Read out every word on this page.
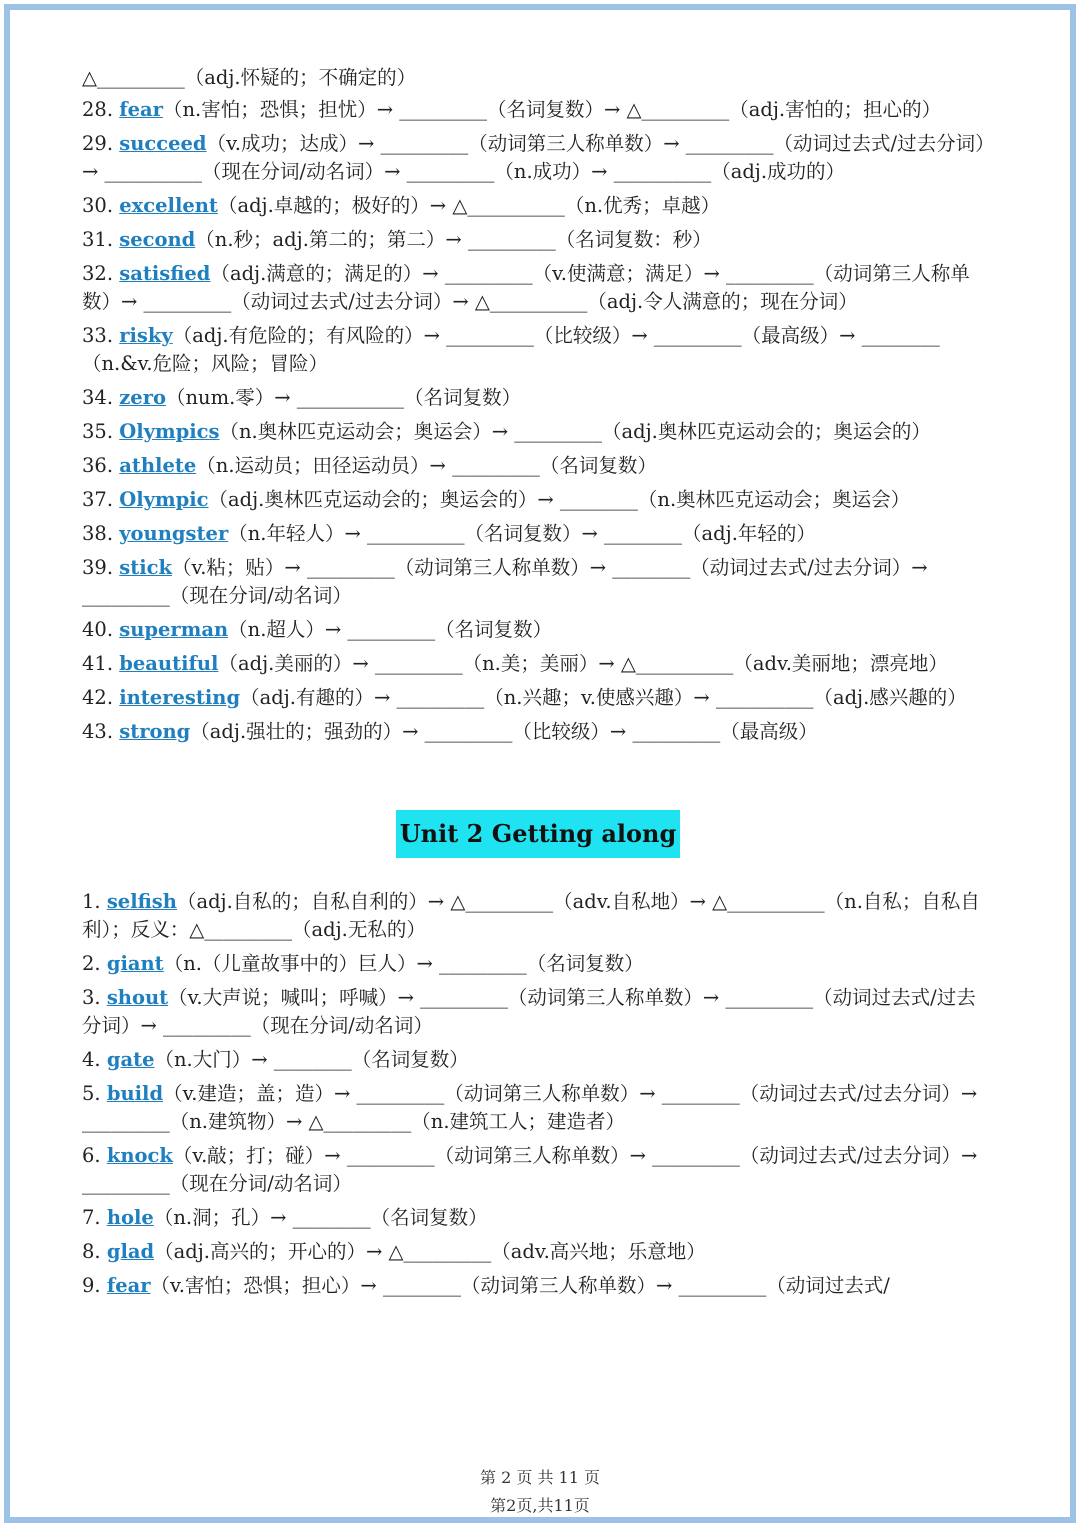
△_________（adj.怀疑的；不确定的）
28. fear（n.害怕；恐惧；担忧）→ _________（名词复数）→ △_________（adj.害怕的；担心的）
29. succeed（v.成功；达成）→ _________（动词第三人称单数）→ _________（动词过去式/过去分词）→ __________（现在分词/动名词）→ _________（n.成功）→ __________（adj.成功的）
30. excellent（adj.卓越的；极好的）→ △__________（n.优秀；卓越）
31. second（n.秒；adj.第二的；第二）→ _________（名词复数：秒）
32. satisfied（adj.满意的；满足的）→ _________（v.使满意；满足）→ _________（动词第三人称单数）→ _________（动词过去式/过去分词）→ △__________（adj.令人满意的；现在分词）
33. risky（adj.有危险的；有风险的）→ _________（比较级）→ _________（最高级）→ ________（n.&v.危险；风险；冒险）
34. zero（num.零）→ ___________（名词复数）
35. Olympics（n.奥林匹克运动会；奥运会）→ _________（adj.奥林匹克运动会的；奥运会的）
36. athlete（n.运动员；田径运动员）→ _________（名词复数）
37. Olympic（adj.奥林匹克运动会的；奥运会的）→ ________（n.奥林匹克运动会；奥运会）
38. youngster（n.年轻人）→ __________（名词复数）→ ________（adj.年轻的）
39. stick（v.粘；贴）→ _________（动词第三人称单数）→ ________（动词过去式/过去分词）→ _________（现在分词/动名词）
40. superman（n.超人）→ _________（名词复数）
41. beautiful（adj.美丽的）→ _________（n.美；美丽）→ △__________（adv.美丽地；漂亮地）
42. interesting（adj.有趣的）→ _________（n.兴趣；v.使感兴趣）→ __________（adj.感兴趣的）
43. strong（adj.强壮的；强劲的）→ _________（比较级）→ _________（最高级）
Unit 2 Getting along
1. selfish（adj.自私的；自私自利的）→ △_________（adv.自私地）→ △__________（n.自私；自私自利）；反义：△_________（adj.无私的）
2. giant（n.（儿童故事中的）巨人）→ _________（名词复数）
3. shout（v.大声说；喊叫；呼喊）→ _________（动词第三人称单数）→ _________（动词过去式/过去分词）→ _________（现在分词/动名词）
4. gate（n.大门）→ ________（名词复数）
5. build（v.建造；盖；造）→ _________（动词第三人称单数）→ ________（动词过去式/过去分词）→ _________（n.建筑物）→ △_________（n.建筑工人；建造者）
6. knock（v.敲；打；碰）→ _________（动词第三人称单数）→ _________（动词过去式/过去分词）→ _________（现在分词/动名词）
7. hole（n.洞；孔）→ ________（名词复数）
8. glad（adj.高兴的；开心的）→ △_________（adv.高兴地；乐意地）
9. fear（v.害怕；恐惧；担心）→ ________（动词第三人称单数）→ _________（动词过去式/
第 2 页 共 11 页
第2页,共11页
